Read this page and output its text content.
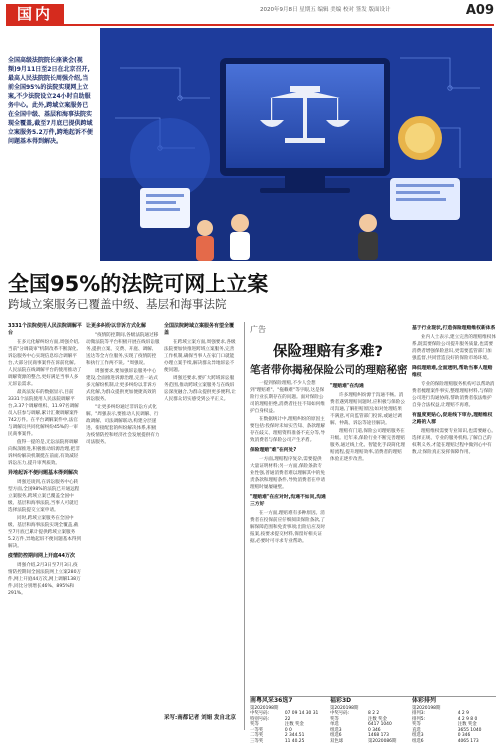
国内	2020年9月8日 星期五 编辑 美编 校对 签发 版面设计	A09
全国高级法院院长座谈会(视频)9月11日至2日在北京召开,最高人民法院院长周强介绍,当前全国95%的法院实现网上立案,不少法院设立24小时自助服务中心。此外,跨域立案服务已在全国中级、基层和海事法院实现全覆盖,截至7月底已提供跨域立案服务5.2万件,跨地起诉不便问题基本得到解决。
全国95%的法院可网上立案
跨域立案服务已覆盖中级、基层和海事法院
3331个法院使用人民法院调解平台

在多元化解纠纷方面,周强介绍,当前"分调裁审"机制改革不断深化,诉讼服务中心实现信息综合调解平台,大部分民商事案件在诉前化解。人民法院在线调解平台的使用推动了调解资源的整合,更好满足当事人多元诉讼需求。

最高法发布的数据显示,目前3331个法院使用人民法院调解平台,3.37个调解组织、11.97名调解员入驻参与调解,累计汇聚调解案件742万件。在平台调解案件中,法官与调解员共同化解纠纷45%的一审民商事案件。

值得一提的是,无讼法院将调解向纵深推进,积极推动诉源治理,把非诉纠纷解决机制挺在前面,有效减轻诉讼压力,提升审判质效。

异地起诉不便问题基本得到解决

周强还谈到,在诉讼服务中心转型方面,全国98%的法院已开通远程立案服务,跨域立案已覆盖全国中级、基层和海事法院,当事人可就近选择法院提交立案申请。

同时,跨域立案服务在全国中级、基层和海事法院实现全覆盖,截至7月底已累计提供跨域立案服务5.2万件,异地起诉不便问题基本得到解决。

疫情防控期间网上开庭44万次

周强介绍,2月3日至7月3日,疫情防控期间全国法院网上立案280万件,网上开庭44万次,网上调解138万件,同比分别增长46%、895%和291%。

让更多纠纷以非诉方式化解

"疫情防控期间,各级法院通过移动微法院等平台积极开展在线诉讼服务,提供立案、交费、开庭、调解、送达等全方位服务,实现了疫情防控和执行工作两不误。"周强说。

周强要求,要加强诉讼服务中心建设,全面推进诉源治理,完善一站式多元解纷机制,让更多纠纷以非诉方式化解,为群众提供更加便捷高效的诉讼服务。

"让更多纠纷通过非诉讼方式化解。"周强表示,要推动人民调解、行政调解、司法调解联动,构建分层递进、衔接配套的纠纷解决体系,积极为疫情防控和经济社会发展提供有力司法服务。

全国法院跨域立案服务有望全覆盖

在跨域立案方面,周强要求,各级法院要加快推进跨域立案服务,完善工作机制,确保当事人在家门口就能办理立案手续,解决群众异地诉讼不便问题。

周强还要求,要扩大跨域诉讼服务范围,推动跨域立案服务与在线诉讼深度融合,为群众提供更多便利,让人民群众切实感受到公平正义。

采写:南都记者 刘娟 发自北京
广告
保险理赔有多难?
笔者带你揭秘保险公司的理赔秘密

一提到保险理赔,不少人会想到"理赔难"、"拖赖难"等字眼,这是保险行业长期存在的问题。面对保险公司的理赔拒绝,消费者往往不知如何维护自身权益。

在数据统计中,理赔纠纷的原因主要包括:投保时未如实告知、条款理解存在歧义、理赔资料准备不充分等,导致消费者与保险公司产生矛盾。

保险理赔"难"在何处?

一方面,理赔程序复杂,需要提供大量证明材料;另一方面,保险条款专业性强,普通消费者难以理解其中的免责条款和理赔条件,导致消费者在申请理赔时屡屡碰壁。

"理赔难"在应对时,沟通不如问,沟通三方好

在一方面,理赔难有多种原因。消费者在投保前应仔细阅读保险条款,了解保障范围和免责事项;出险后应及时报案,按要求提交材料,保留好相关证据,必要时可寻求专业帮助。

"理赔难"在沟通

许多理赔纠纷源于沟通不畅。消费者遇到理赔问题时,应积极与保险公司沟通,了解拒赔原因;如对处理结果不满意,可向监管部门投诉,或通过调解、仲裁、诉讼等途径解决。

理赔有门道,保险公司理赔服务在升级。近年来,保险行业不断完善理赔服务,通过线上化、智能化手段简化理赔流程,提升理赔效率,消费者的理赔体验正逐步改善。

基于行业现状,打造保险理赔维权新体系

业内人士表示,建立完善的理赔维权体系,既需要保险公司提升服务质量,也需要消费者增强保险意识,更需要监管部门加强监督,共同营造良好的保险市场环境。

降低理赔难,全面透明,帮助当事人理赔维权

专业的保险理赔服务机构可以帮助消费者梳理案件事实,整理理赔材料,与保险公司进行沟通协商,帮助消费者依法维护自身合法权益,让理赔不再难。

有温度更贴心,促进线下审办,理赔维权之路的人群

理赔维权需要专业知识,也需要耐心。选择正规、专业的服务机构,了解自己的权利义务,才能在理赔过程中做到心中有数,让保险真正发挥保障作用。

南粤风采36选7
第2020198期	
中奖号码:	07 09 14 30 31
特别号码:	22
奖等	注数 奖金
一等奖	0 0
二等奖	2 344.51
三等奖	11 40.25
福彩3D
第2020198期	
中奖号码:	8 2 2
奖等	注数 奖金
单选	6417 1040
组选3	0 346
组选6	1468 173
双色球	第2020086期
体彩排列
第2020198期	
排列3:	4 2 9
排列5:	4 2 9 8 0
奖等	注数 奖金
直选	3655 1040
组选3	0 346
组选6	4065 173
